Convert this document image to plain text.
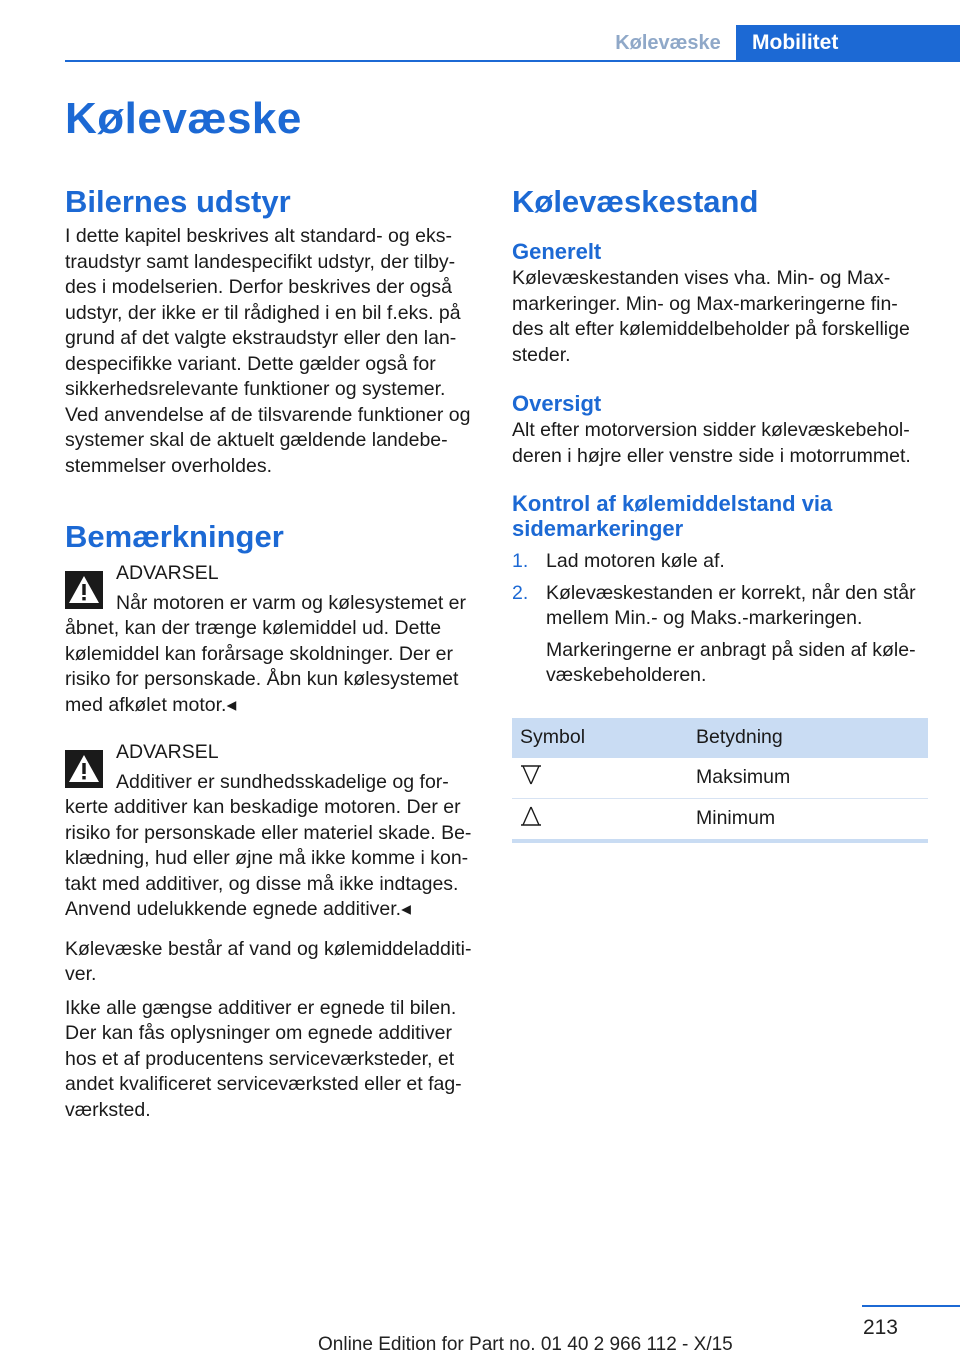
Kølevæske	Mobilitet
Kølevæske
Bilernes udstyr

I dette kapitel beskrives alt standard- og eks-traudstyr samt landespecifikt udstyr, der tilby-des i modelserien. Derfor beskrives der også udstyr, der ikke er til rådighed i en bil f.eks. på grund af det valgte ekstraudstyr eller den lan-despecifikke variant. Dette gælder også for sikkerhedsrelevante funktioner og systemer. Ved anvendelse af de tilsvarende funktioner og systemer skal de aktuelt gældende landebe-stemmelser overholdes.

Bemærkninger
ADVARSEL

Når motoren er varm og kølesystemet er åbnet, kan der trænge kølemiddel ud. Dette kølemiddel kan forårsage skoldninger. Der er risiko for personskade. Åbn kun kølesystemet med afkølet motor.◂

ADVARSEL

Additiver er sundhedsskadelige og for-kerte additiver kan beskadige motoren. Der er risiko for personskade eller materiel skade. Be-klædning, hud eller øjne må ikke komme i kon-takt med additiver, og disse må ikke indtages. Anvend udelukkende egnede additiver.◂

Kølevæske består af vand og kølemiddeladditi-ver.

Ikke alle gængse additiver er egnede til bilen. Der kan fås oplysninger om egnede additiver hos et af producentens serviceværksteder, et andet kvalificeret serviceværksted eller et fag-værksted.

Kølevæskestand
Generelt

Kølevæskestanden vises vha. Min- og Max-markeringer. Min- og Max-markeringerne fin-des alt efter kølemiddelbeholder på forskellige steder.

Oversigt

Alt efter motorversion sidder kølevæskebehol-deren i højre eller venstre side i motorrummet.

Kontrol af kølemiddelstand via sidemarkeringer
1. Lad motoren køle af.
2. Kølevæskestanden er korrekt, når den står mellem Min.- og Maks.-markeringen.

Markeringerne er anbragt på siden af køle-væskebeholderen.

Symbol	Betydning
	Maksimum
	Minimum
213
Online Edition for Part no. 01 40 2 966 112 - X/15
